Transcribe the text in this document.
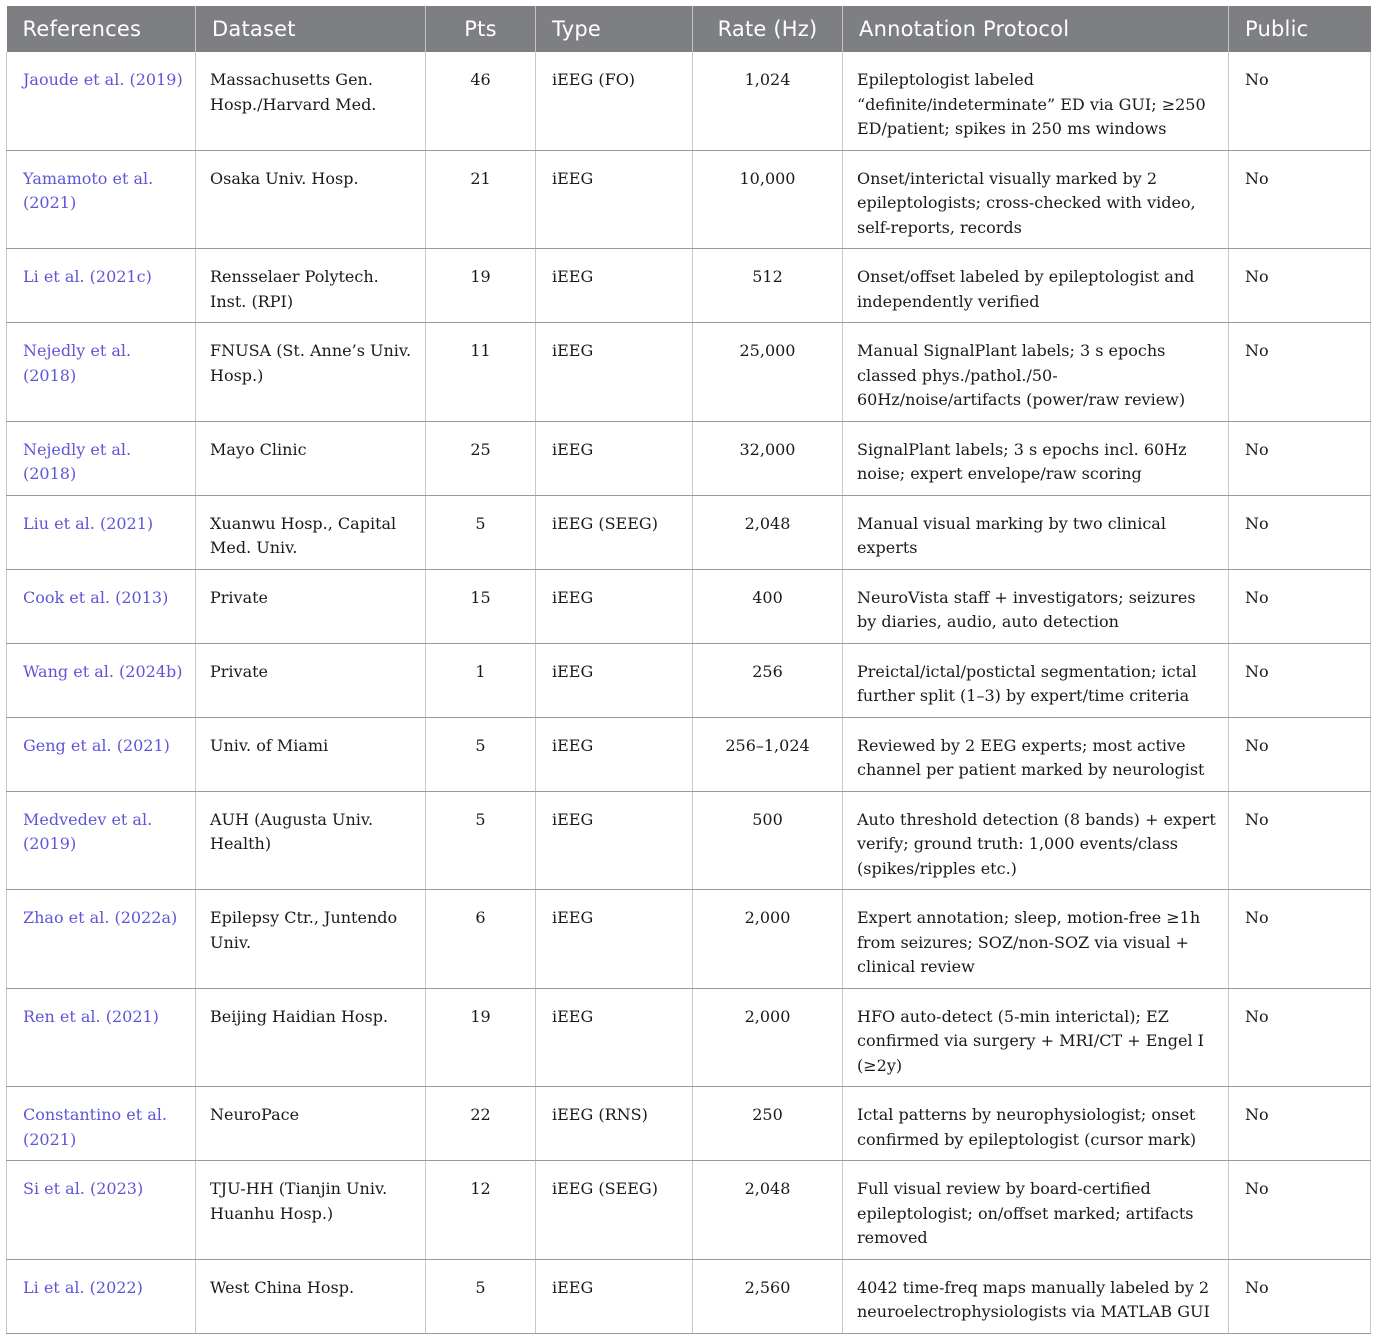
References	Dataset	Pts	Type	Rate (Hz)	Annotation Protocol	Public
Jaoude et al. (2019)	Massachusetts Gen. Hosp./Harvard Med.	46	iEEG (FO)	1,024	Epileptologist labeled “definite/indeterminate” ED via GUI; ≥250 ED/patient; spikes in 250 ms windows	No
Yamamoto et al. (2021)	Osaka Univ. Hosp.	21	iEEG	10,000	Onset/interictal visually marked by 2 epileptologists; cross-checked with video, self-reports, records	No
Li et al. (2021c)	Rensselaer Polytech. Inst. (RPI)	19	iEEG	512	Onset/offset labeled by epileptologist and independently verified	No
Nejedly et al. (2018)	FNUSA (St. Anne’s Univ. Hosp.)	11	iEEG	25,000	Manual SignalPlant labels; 3 s epochs classed phys./pathol./50-60Hz/noise/artifacts (power/raw review)	No
Nejedly et al. (2018)	Mayo Clinic	25	iEEG	32,000	SignalPlant labels; 3 s epochs incl. 60Hz noise; expert envelope/raw scoring	No
Liu et al. (2021)	Xuanwu Hosp., Capital Med. Univ.	5	iEEG (SEEG)	2,048	Manual visual marking by two clinical experts	No
Cook et al. (2013)	Private	15	iEEG	400	NeuroVista staff + investigators; seizures by diaries, audio, auto detection	No
Wang et al. (2024b)	Private	1	iEEG	256	Preictal/ictal/postictal segmentation; ictal further split (1–3) by expert/time criteria	No
Geng et al. (2021)	Univ. of Miami	5	iEEG	256–1,024	Reviewed by 2 EEG experts; most active channel per patient marked by neurologist	No
Medvedev et al. (2019)	AUH (Augusta Univ. Health)	5	iEEG	500	Auto threshold detection (8 bands) + expert verify; ground truth: 1,000 events/class (spikes/ripples etc.)	No
Zhao et al. (2022a)	Epilepsy Ctr., Juntendo Univ.	6	iEEG	2,000	Expert annotation; sleep, motion-free ≥1h from seizures; SOZ/non-SOZ via visual + clinical review	No
Ren et al. (2021)	Beijing Haidian Hosp.	19	iEEG	2,000	HFO auto-detect (5-min interictal); EZ confirmed via surgery + MRI/CT + Engel I (≥2y)	No
Constantino et al. (2021)	NeuroPace	22	iEEG (RNS)	250	Ictal patterns by neurophysiologist; onset confirmed by epileptologist (cursor mark)	No
Si et al. (2023)	TJU-HH (Tianjin Univ. Huanhu Hosp.)	12	iEEG (SEEG)	2,048	Full visual review by board-certified epileptologist; on/offset marked; artifacts removed	No
Li et al. (2022)	West China Hosp.	5	iEEG	2,560	4042 time-freq maps manually labeled by 2 neuroelectrophysiologists via MATLAB GUI	No
